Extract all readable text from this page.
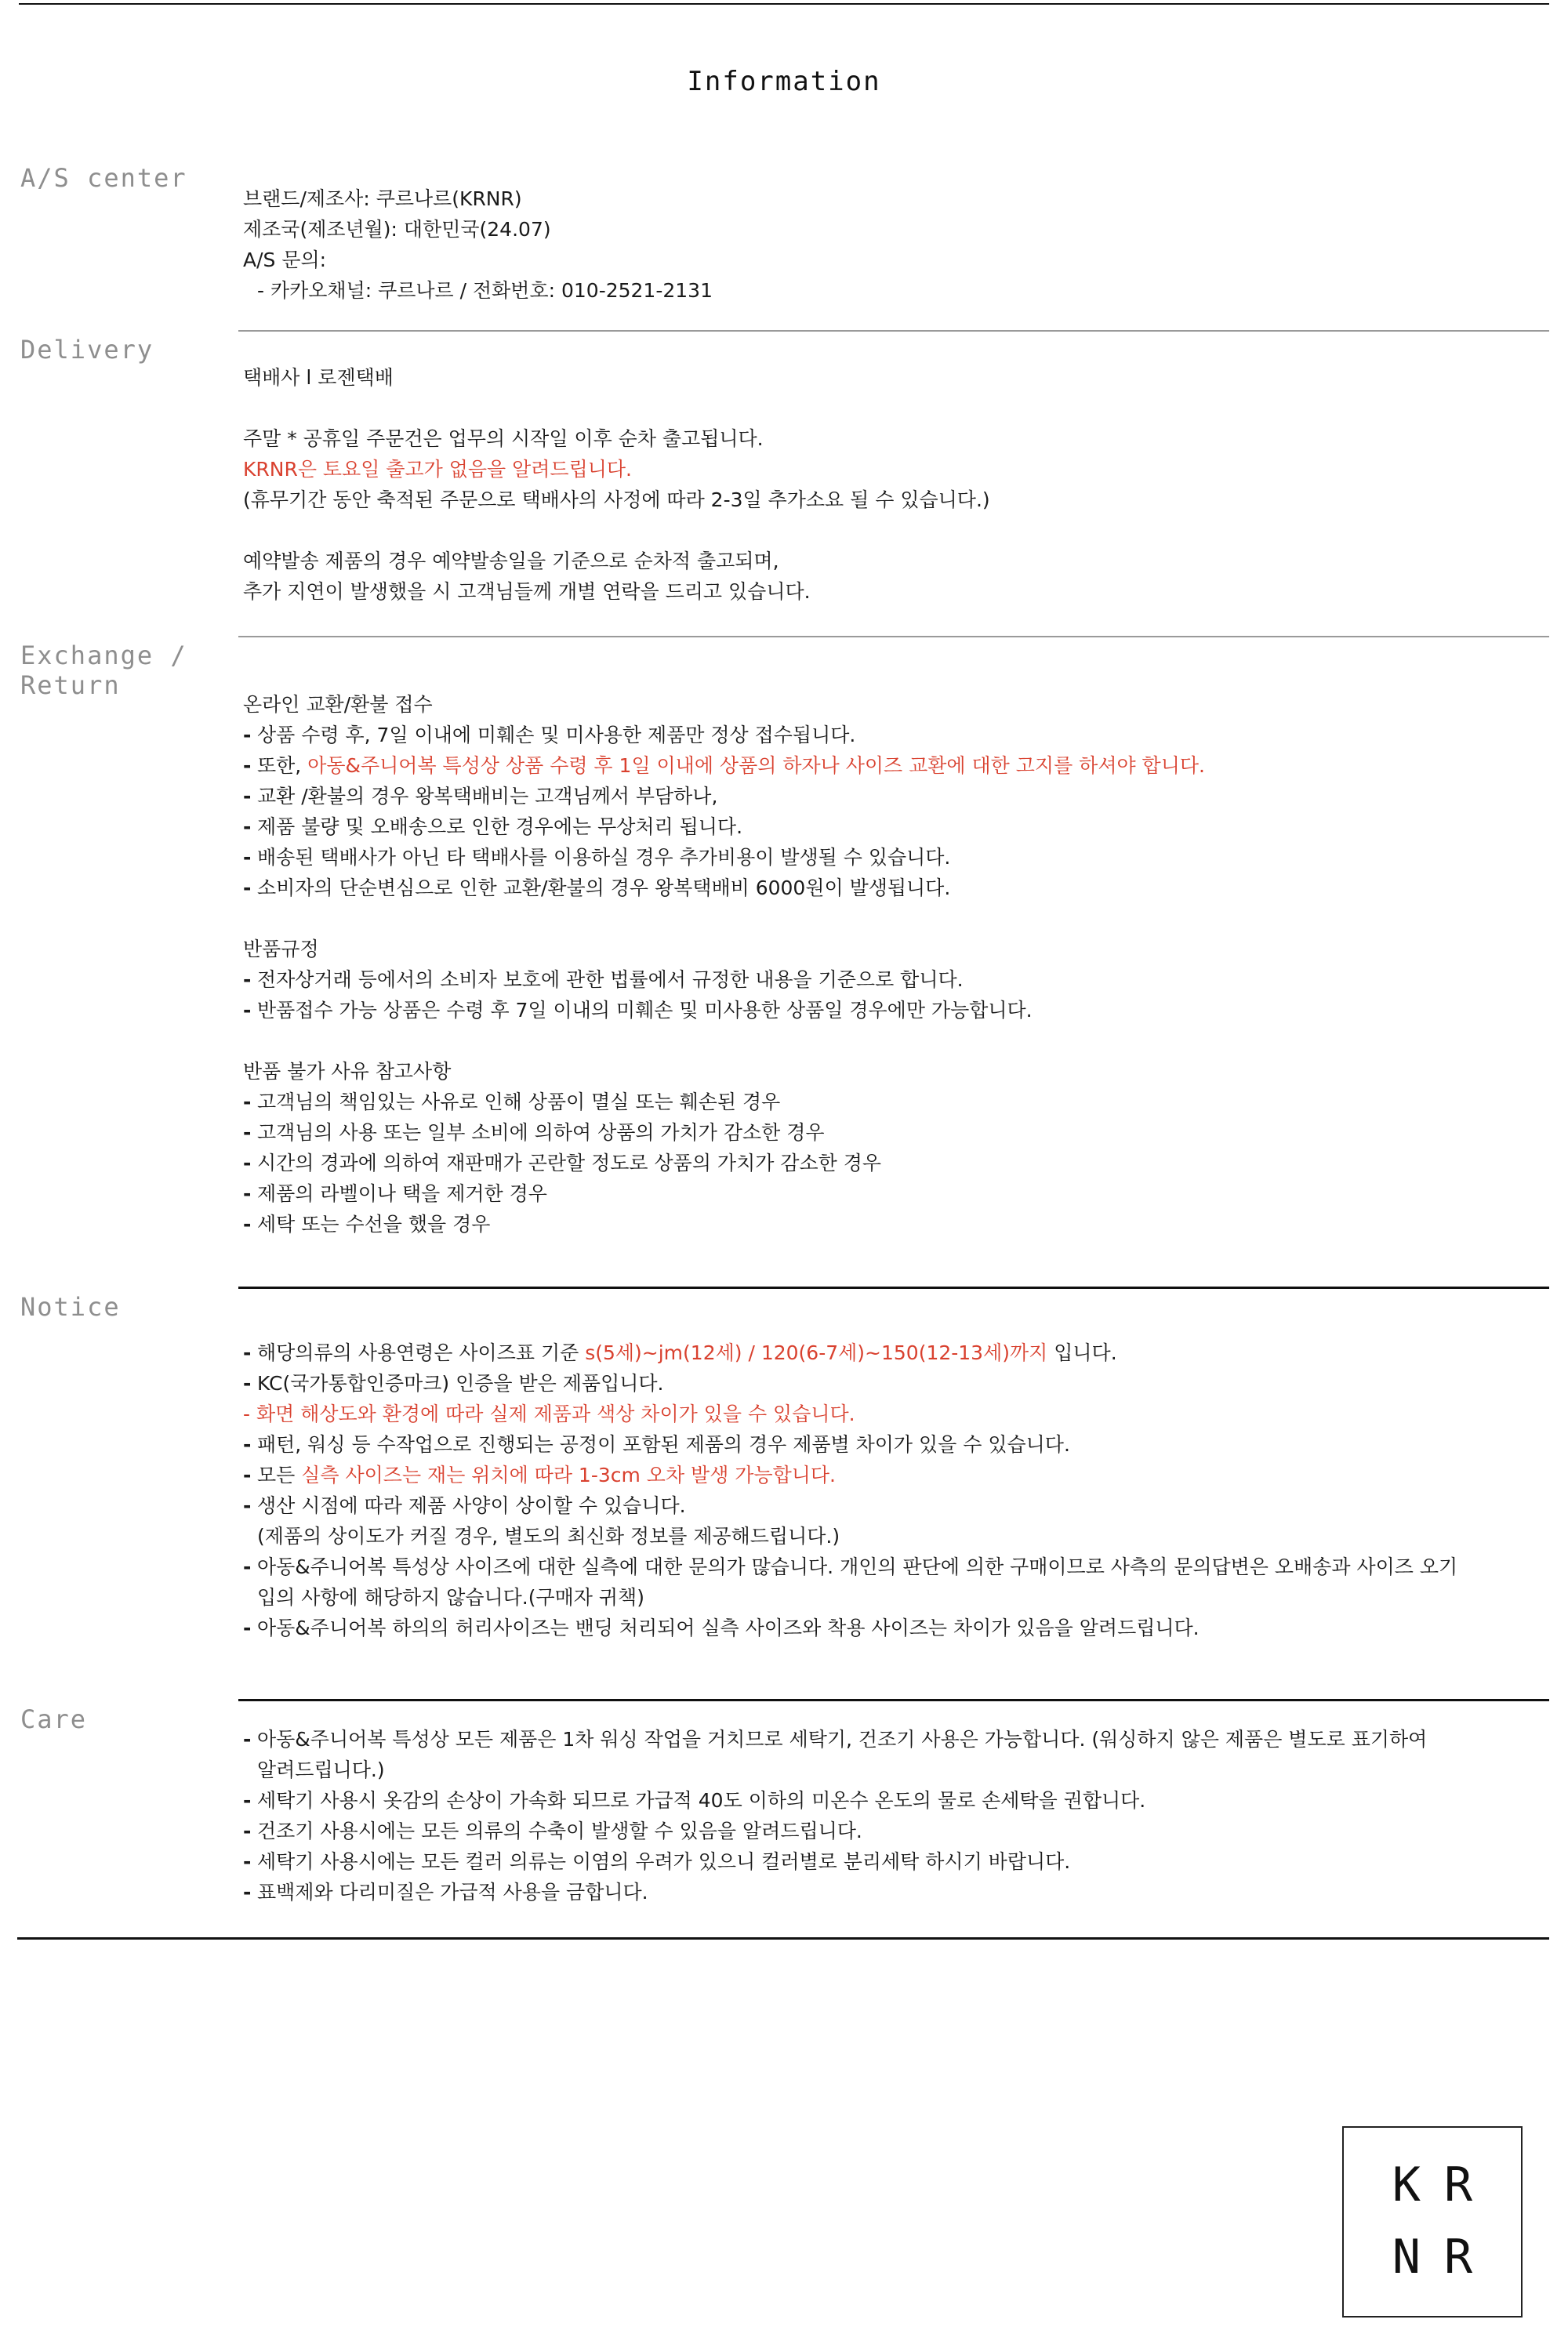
Information
A/S center
브랜드/제조사: 쿠르나르(KRNR)
제조국(제조년월): 대한민국(24.07)
A/S 문의:
- 카카오채널: 쿠르나르 / 전화번호: 010-2521-2131
Delivery
택배사 l 로젠택배
주말 * 공휴일 주문건은 업무의 시작일 이후 순차 출고됩니다.
KRNR은 토요일 출고가 없음을 알려드립니다.
(휴무기간 동안 축적된 주문으로 택배사의 사정에 따라 2-3일 추가소요 될 수 있습니다.)
예약발송 제품의 경우 예약발송일을 기준으로 순차적 출고되며,
추가 지연이 발생했을 시 고객님들께 개별 연락을 드리고 있습니다.
Exchange /
Return
온라인 교환/환불 접수
- 상품 수령 후, 7일 이내에 미훼손 및 미사용한 제품만 정상 접수됩니다.
- 또한, 아동&주니어복 특성상 상품 수령 후 1일 이내에 상품의 하자나 사이즈 교환에 대한 고지를 하셔야 합니다.
- 교환 /환불의 경우 왕복택배비는 고객님께서 부담하나,
- 제품 불량 및 오배송으로 인한 경우에는 무상처리 됩니다.
- 배송된 택배사가 아닌 타 택배사를 이용하실 경우 추가비용이 발생될 수 있습니다.
- 소비자의 단순변심으로 인한 교환/환불의 경우 왕복택배비 6000원이 발생됩니다.
반품규정
- 전자상거래 등에서의 소비자 보호에 관한 법률에서 규정한 내용을 기준으로 합니다.
- 반품접수 가능 상품은 수령 후 7일 이내의 미훼손 및 미사용한 상품일 경우에만 가능합니다.
반품 불가 사유 참고사항
- 고객님의 책임있는 사유로 인해 상품이 멸실 또는 훼손된 경우
- 고객님의 사용 또는 일부 소비에 의하여 상품의 가치가 감소한 경우
- 시간의 경과에 의하여 재판매가 곤란할 정도로 상품의 가치가 감소한 경우
- 제품의 라벨이나 택을 제거한 경우
- 세탁 또는 수선을 했을 경우
Notice
- 해당의류의 사용연령은 사이즈표 기준 s(5세)~jm(12세) / 120(6-7세)~150(12-13세)까지 입니다.
- KC(국가통합인증마크) 인증을 받은 제품입니다.
- 화면 해상도와 환경에 따라 실제 제품과 색상 차이가 있을 수 있습니다.
- 패턴, 워싱 등 수작업으로 진행되는 공정이 포함된 제품의 경우 제품별 차이가 있을 수 있습니다.
- 모든 실측 사이즈는 재는 위치에 따라 1-3cm 오차 발생 가능합니다.
- 생산 시점에 따라 제품 사양이 상이할 수 있습니다.
(제품의 상이도가 커질 경우, 별도의 최신화 정보를 제공해드립니다.)
- 아동&주니어복 특성상 사이즈에 대한 실측에 대한 문의가 많습니다. 개인의 판단에 의한 구매이므로 사측의 문의답변은 오배송과 사이즈 오기
입의 사항에 해당하지 않습니다.(구매자 귀책)
- 아동&주니어복 하의의 허리사이즈는 밴딩 처리되어 실측 사이즈와 착용 사이즈는 차이가 있음을 알려드립니다.
Care
- 아동&주니어복 특성상 모든 제품은 1차 워싱 작업을 거치므로 세탁기, 건조기 사용은 가능합니다. (워싱하지 않은 제품은 별도로 표기하여
알려드립니다.)
- 세탁기 사용시 옷감의 손상이 가속화 되므로 가급적 40도 이하의 미온수 온도의 물로 손세탁을 권합니다.
- 건조기 사용시에는 모든 의류의 수축이 발생할 수 있음을 알려드립니다.
- 세탁기 사용시에는 모든 컬러 의류는 이염의 우려가 있으니 컬러별로 분리세탁 하시기 바랍니다.
- 표백제와 다리미질은 가급적 사용을 금합니다.
KR
NR
